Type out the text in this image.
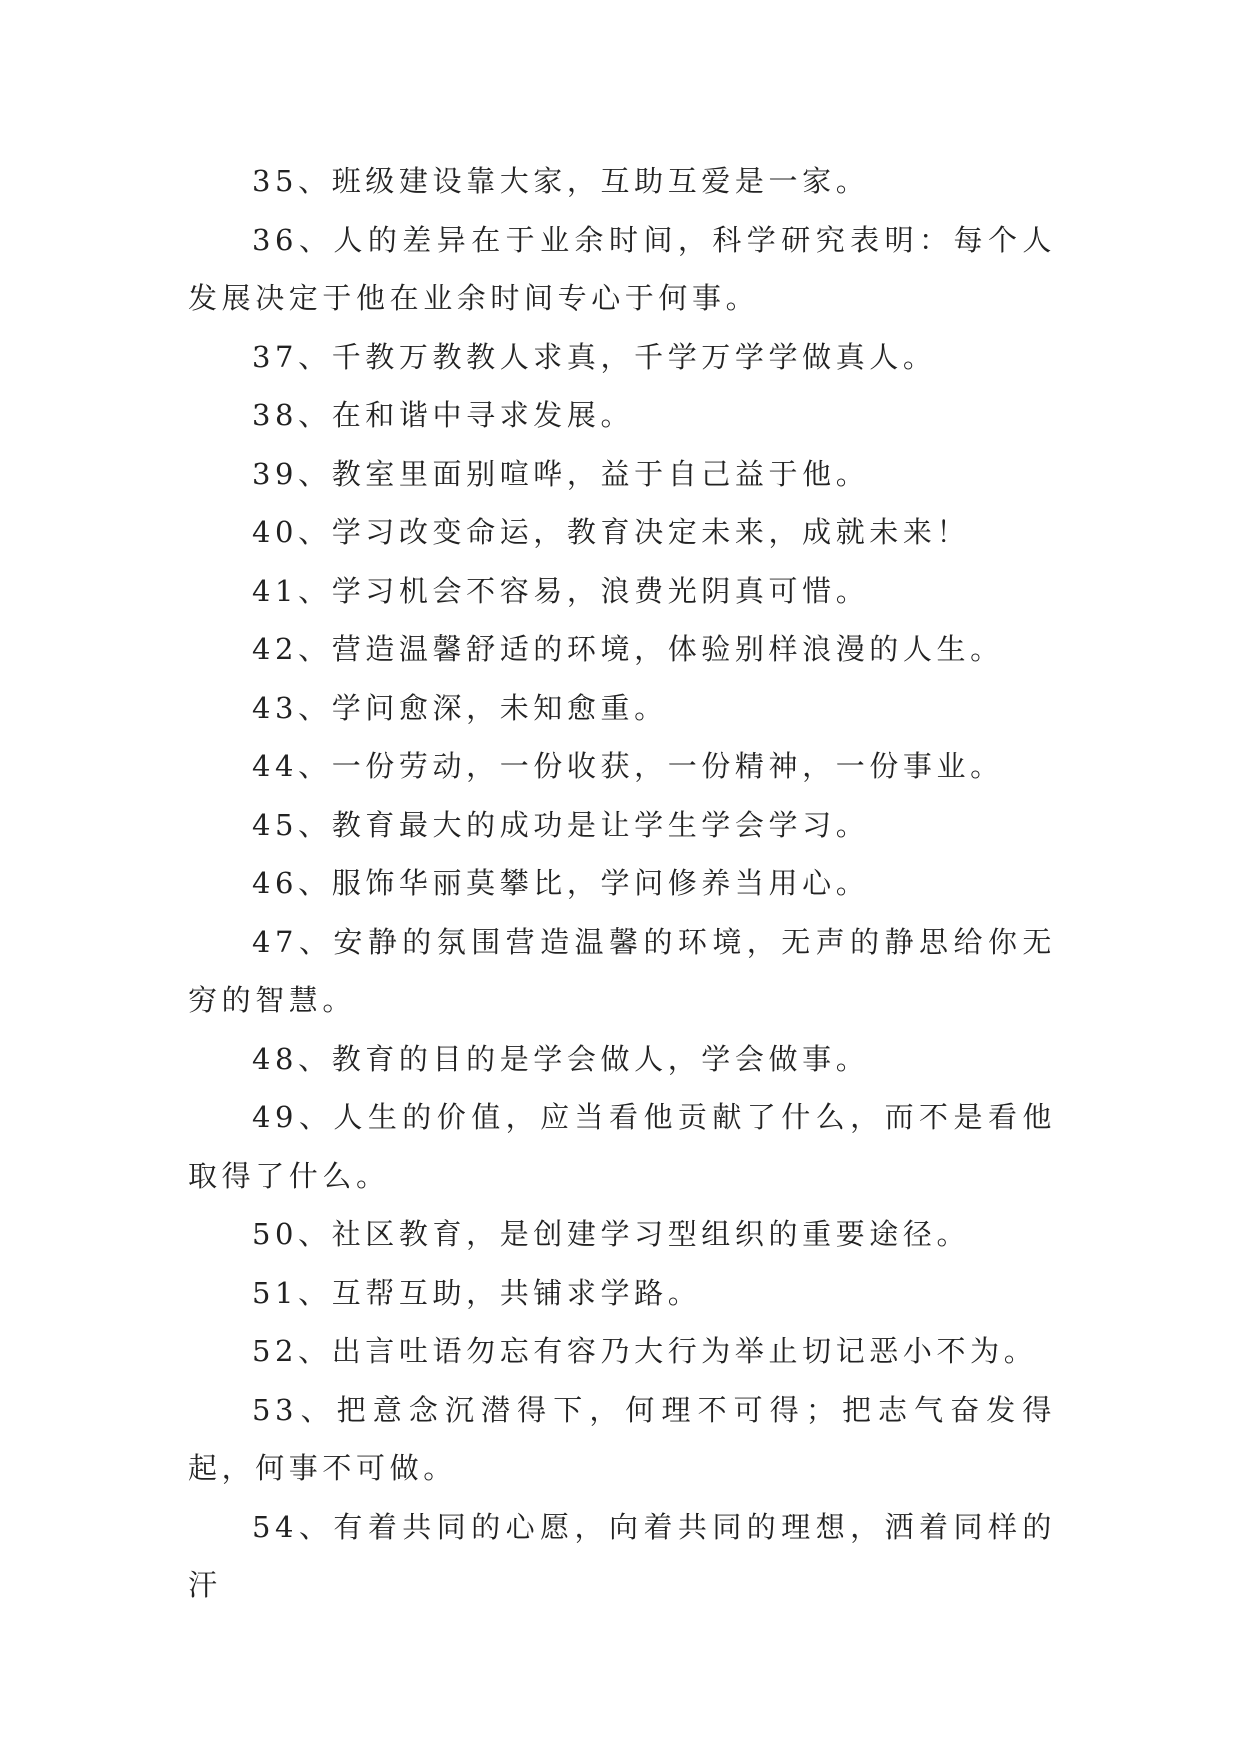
35、班级建设靠大家，互助互爱是一家。

36、人的差异在于业余时间，科学研究表明：每个人发展决定于他在业余时间专心于何事。

37、千教万教教人求真，千学万学学做真人。

38、在和谐中寻求发展。

39、教室里面别喧哗，益于自己益于他。

40、学习改变命运，教育决定未来，成就未来！

41、学习机会不容易，浪费光阴真可惜。

42、营造温馨舒适的环境，体验别样浪漫的人生。

43、学问愈深，未知愈重。

44、一份劳动，一份收获，一份精神，一份事业。

45、教育最大的成功是让学生学会学习。

46、服饰华丽莫攀比，学问修养当用心。

47、安静的氛围营造温馨的环境，无声的静思给你无穷的智慧。

48、教育的目的是学会做人，学会做事。

49、人生的价值，应当看他贡献了什么，而不是看他取得了什么。

50、社区教育，是创建学习型组织的重要途径。

51、互帮互助，共铺求学路。

52、出言吐语勿忘有容乃大行为举止切记恶小不为。

53、把意念沉潜得下，何理不可得；把志气奋发得起，何事不可做。

54、有着共同的心愿，向着共同的理想，洒着同样的汗
